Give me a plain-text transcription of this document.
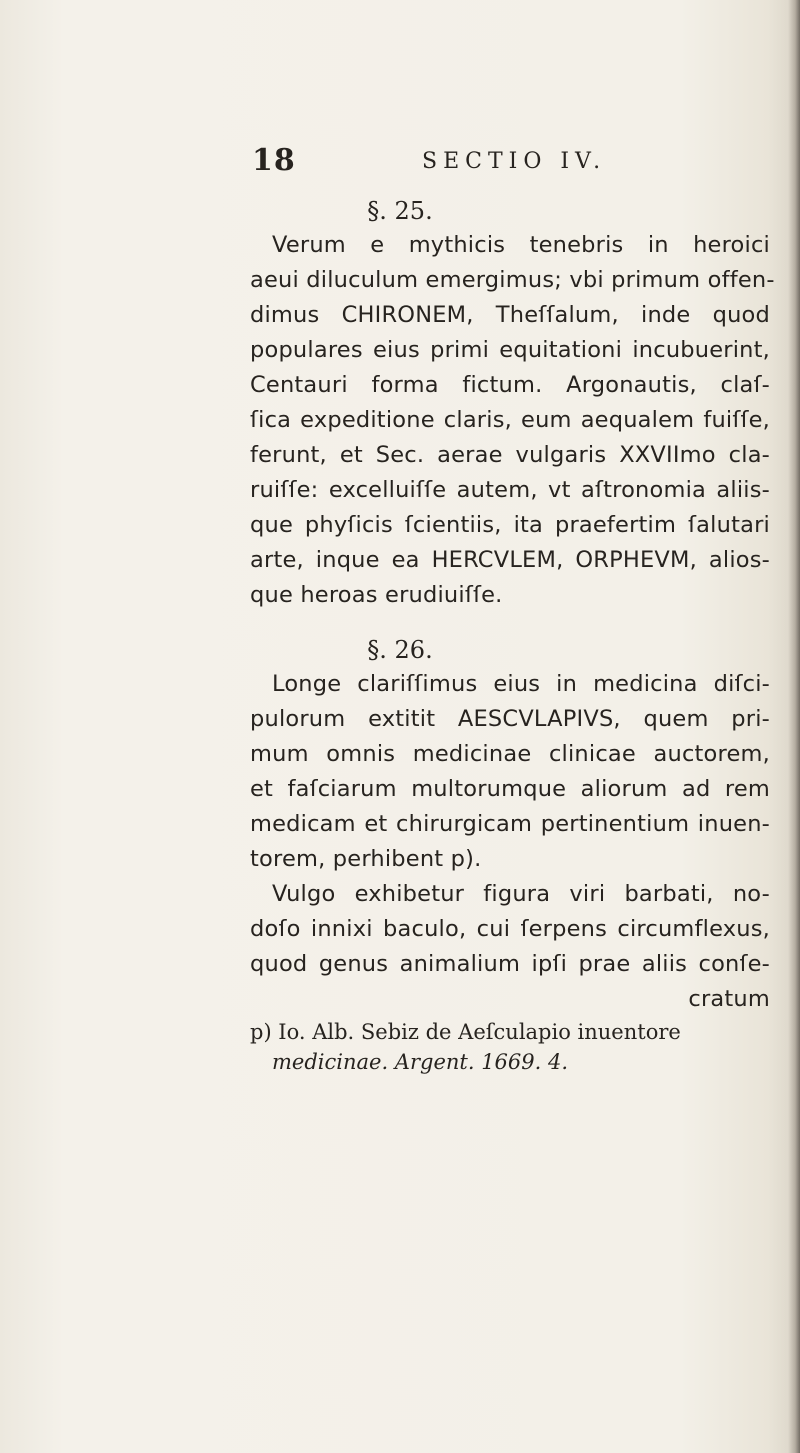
18	SECTIO IV.
§. 25.
Verum e mythicis tenebris in heroici
aeui diluculum emergimus; vbi primum offen-
dimus CHIRONEM, Theſſalum, inde quod
populares eius primi equitationi incubuerint,
Centauri forma fictum. Argonautis, claſ-
ſica expeditione claris, eum aequalem fuiſſe,
ferunt, et Sec. aerae vulgaris XXVIImo cla-
ruiſſe: excelluiſſe autem, vt aſtronomia aliis-
que phyſicis ſcientiis, ita praefertim ſalutari
arte, inque ea HERCVLEM, ORPHEVM, alios-
que heroas erudiuiſſe.
§. 26.
Longe clariſſimus eius in medicina diſci-
pulorum extitit AESCVLAPIVS, quem pri-
mum omnis medicinae clinicae auctorem,
et faſciarum multorumque aliorum ad rem
medicam et chirurgicam pertinentium inuen-
torem, perhibent p).
Vulgo exhibetur figura viri barbati, no-
doſo innixi baculo, cui ſerpens circumflexus,
quod genus animalium ipſi prae aliis conſe-
cratum
p) Io. Alb. Sebiz de Aeſculapio inuentore
medicinae. Argent. 1669. 4.
